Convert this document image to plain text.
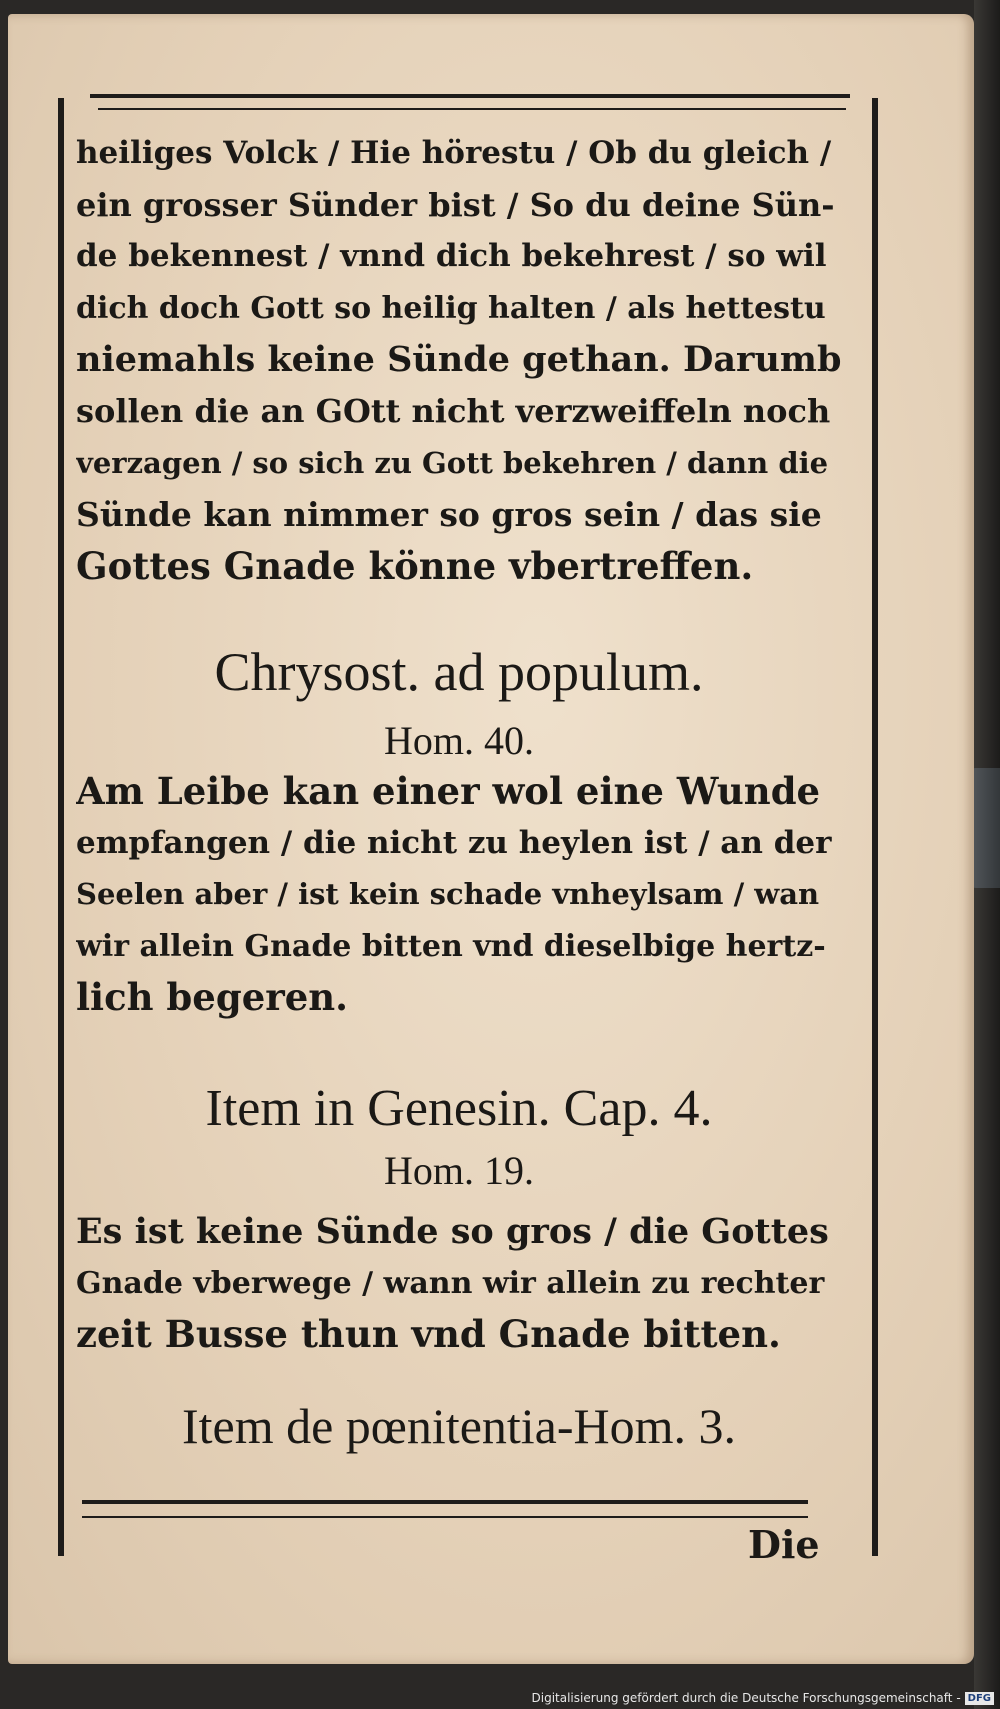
heiliges Volck / Hie hörestu / Ob du gleich /
ein grosser Sünder bist / So du deine Sün-
de bekennest / vnnd dich bekehrest / so wil
dich doch Gott so heilig halten / als hettestu
niemahls keine Sünde gethan. Darumb
sollen die an GOtt nicht verzweiffeln noch
verzagen / so sich zu Gott bekehren / dann die
Sünde kan nimmer so gros sein / das sie
Gottes Gnade könne vbertreffen.
Chrysost. ad populum.
Hom. 40.
Am Leibe kan einer wol eine Wunde
empfangen / die nicht zu heylen ist / an der
Seelen aber / ist kein schade vnheylsam / wan
wir allein Gnade bitten vnd dieselbige hertz-
lich begeren.
Item in Genesin. Cap. 4.
Hom. 19.
Es ist keine Sünde so gros / die Gottes
Gnade vberwege / wann wir allein zu rechter
zeit Busse thun vnd Gnade bitten.
Item de pœnitentia-Hom. 3.
Die
Digitalisierung gefördert durch die Deutsche Forschungsgemeinschaft - DFG
